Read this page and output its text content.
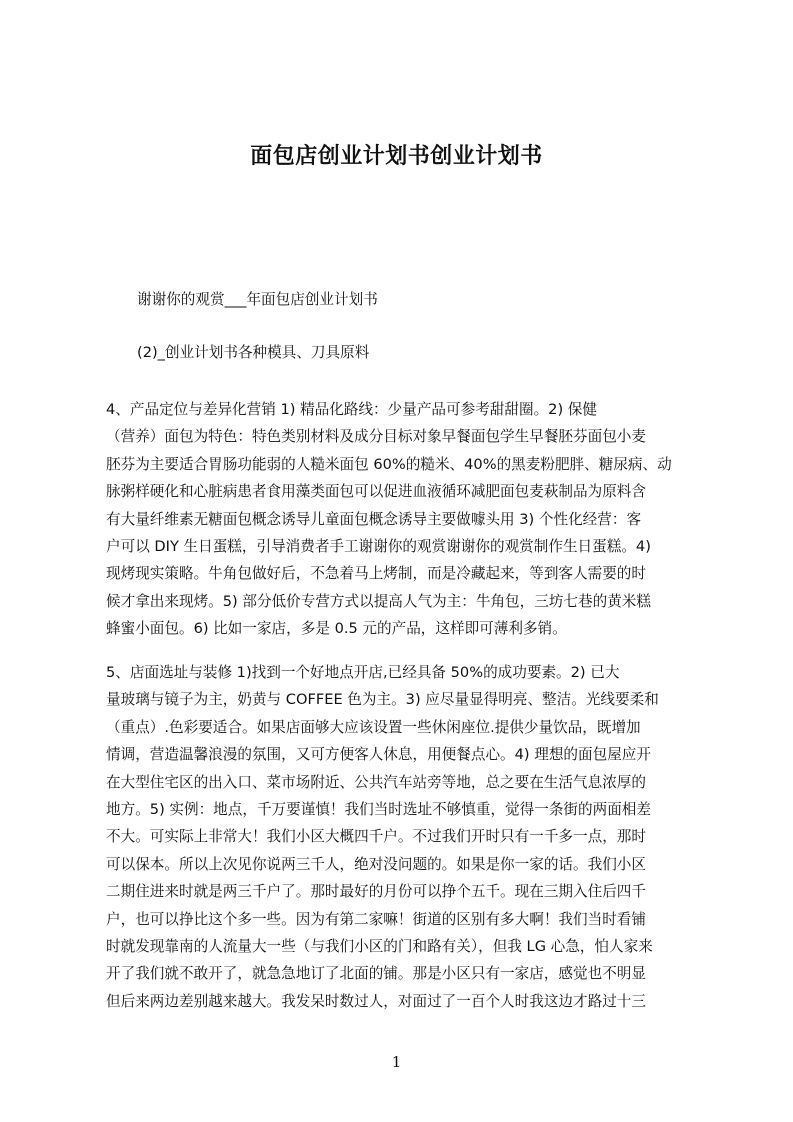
面包店创业计划书创业计划书
谢谢你的观赏___年面包店创业计划书
(2)_创业计划书各种模具、刀具原料
4、产品定位与差异化营销 1) 精品化路线：少量产品可参考甜甜圈。2) 保健
（营养）面包为特色：特色类别材料及成分目标对象早餐面包学生早餐胚芬面包小麦
胚芬为主要适合胃肠功能弱的人糙米面包 60%的糙米、40%的黑麦粉肥胖、糖尿病、动
脉粥样硬化和心脏病患者食用藻类面包可以促进血液循环减肥面包麦萩制品为原料含
有大量纤维素无糖面包概念诱导儿童面包概念诱导主要做噱头用 3) 个性化经营：客
户可以 DIY 生日蛋糕，引导消费者手工谢谢你的观赏谢谢你的观赏制作生日蛋糕。4)
现烤现实策略。牛角包做好后，不急着马上烤制，而是冷藏起来，等到客人需要的时
候才拿出来现烤。5) 部分低价专营方式以提高人气为主：牛角包，三坊七巷的黄米糕
蜂蜜小面包。6) 比如一家店，多是 0.5 元的产品，这样即可薄利多销。
5、店面选址与装修 1)找到一个好地点开店,已经具备 50%的成功要素。2) 已大
量玻璃与镜子为主，奶黄与 COFFEE 色为主。3) 应尽量显得明亮、整洁。光线要柔和
（重点）.色彩要适合。如果店面够大应该设置一些休闲座位.提供少量饮品，既增加
情调，营造温馨浪漫的氛围，又可方便客人休息，用便餐点心。4) 理想的面包屋应开
在大型住宅区的出入口、菜市场附近、公共汽车站旁等地，总之要在生活气息浓厚的
地方。5) 实例：地点，千万要谨慎！我们当时选址不够慎重，觉得一条街的两面相差
不大。可实际上非常大！我们小区大概四千户。不过我们开时只有一千多一点，那时
可以保本。所以上次见你说两三千人，绝对没问题的。如果是你一家的话。我们小区
二期住进来时就是两三千户了。那时最好的月份可以挣个五千。现在三期入住后四千
户，也可以挣比这个多一些。因为有第二家嘛！街道的区别有多大啊！我们当时看铺
时就发现靠南的人流量大一些（与我们小区的门和路有关），但我 LG 心急，怕人家来
开了我们就不敢开了，就急急地订了北面的铺。那是小区只有一家店，感觉也不明显
但后来两边差别越来越大。我发呆时数过人，对面过了一百个人时我这边才路过十三
1
